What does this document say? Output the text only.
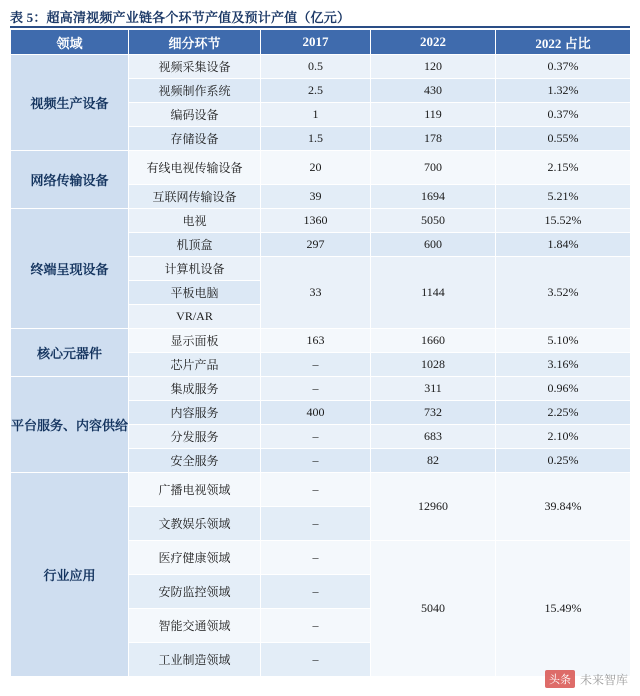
表 5：超高清视频产业链各个环节产值及预计产值（亿元）
领域	细分环节	2017	2022	2022 占比
视频生产设备	视频采集设备	0.5	120	0.37%
	视频制作系统	2.5	430	1.32%
	编码设备	1	119	0.37%
	存储设备	1.5	178	0.55%
网络传输设备	有线电视传输设备	20	700	2.15%
	互联网传输设备	39	1694	5.21%
终端呈现设备	电视	1360	5050	15.52%
	机顶盒	297	600	1.84%
	计算机设备	33	1144	3.52%
	平板电脑			
	VR/AR			
核心元器件	显示面板	163	1660	5.10%
	芯片产品	–	1028	3.16%
平台服务、内容供给	集成服务	–	311	0.96%
	内容服务	400	732	2.25%
	分发服务	–	683	2.10%
	安全服务	–	82	0.25%
行业应用	广播电视领域	–	12960	39.84%
	文教娱乐领域	–		
	医疗健康领域	–	5040	15.49%
	安防监控领域	–		
	智能交通领域	–		
	工业制造领域	–		
头条 未来智库
